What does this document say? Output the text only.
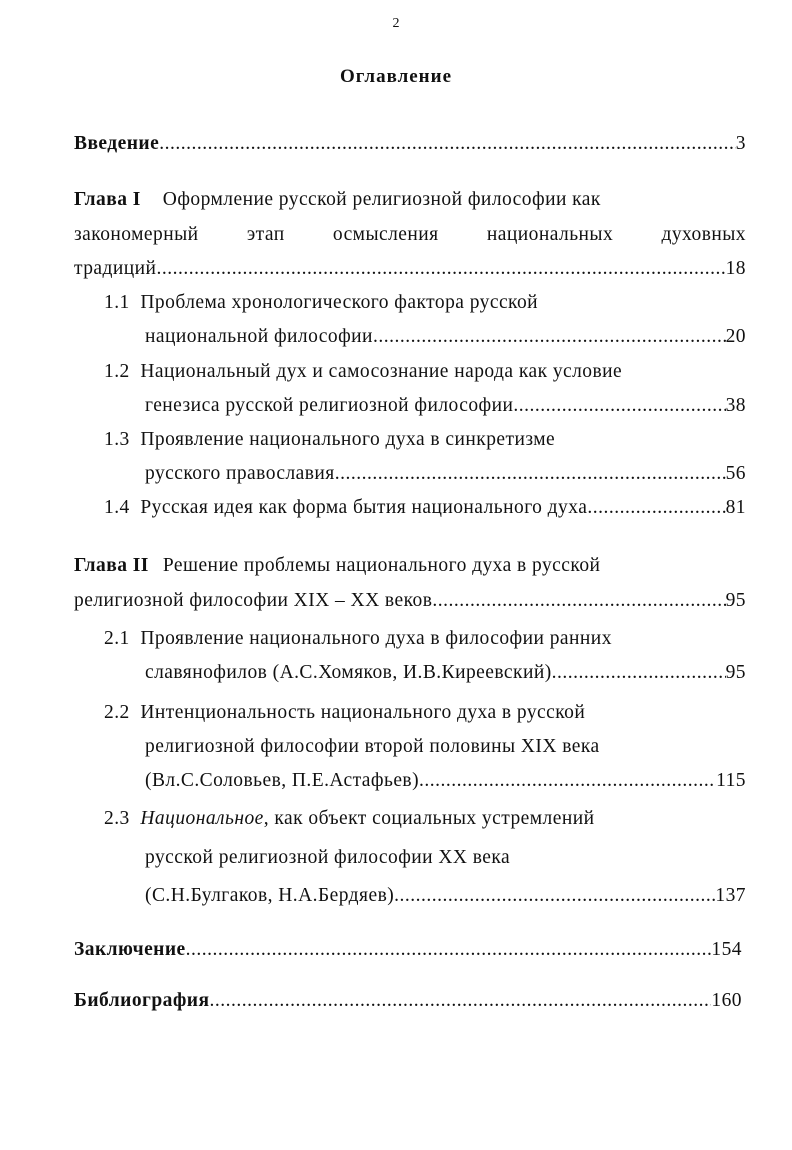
2
Оглавление
Введение .....	3
Глава I Оформление русской религиозной философии как
закономерный этап осмысления национальных духовных
традиций .....	18
1.1 Проблема хронологического фактора русской
национальной философии .....	20
1.2 Национальный дух и самосознание народа как условие
генезиса русской религиозной философии .....	38
1.3 Проявление национального духа в синкретизме
русского православия .....	56
1.4
Русская идея как форма бытия национального духа .....	81
Глава II Решение проблемы национального духа в русской
религиозной философии XIX – XX веков .....	95
2.1 Проявление национального духа в философии ранних
славянофилов (А.С.Хомяков, И.В.Киреевский) .....	95
2.2 Интенциональность национального духа в русской
религиозной философии второй половины XIX века
(Вл.С.Соловьев, П.Е.Астафьев) .....	115
2.3 Национальное, как объект социальных устремлений
русской религиозной философии XX века
(С.Н.Булгаков, Н.А.Бердяев) .....	137
Заключение .....	154
Библиография .....	160
